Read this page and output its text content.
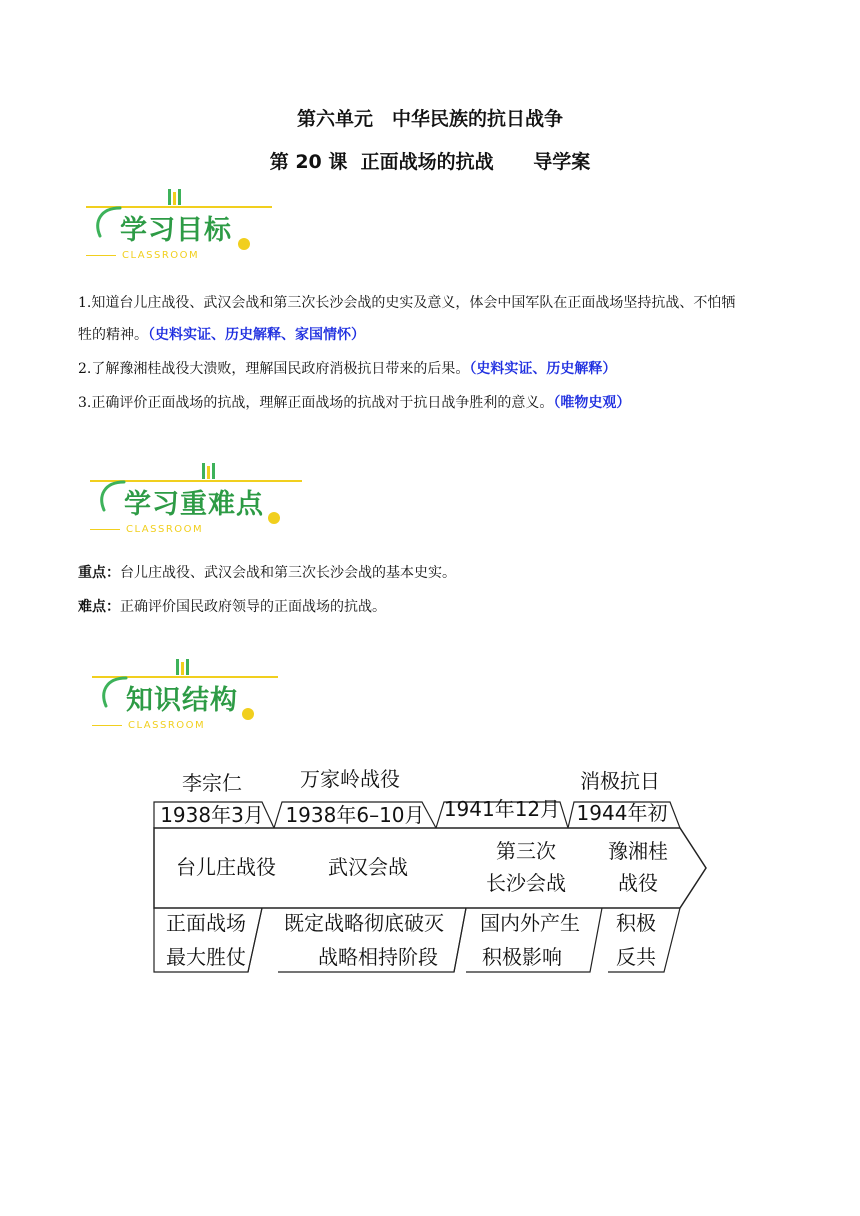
第六单元　中华民族的抗日战争
第 20 课  正面战场的抗战      导学案
学习目标
CLASSROOM
1.知道台儿庄战役、武汉会战和第三次长沙会战的史实及意义，体会中国军队在正面战场坚持抗战、不怕牺
牲的精神。（史料实证、历史解释、家国情怀）
2.了解豫湘桂战役大溃败，理解国民政府消极抗日带来的后果。（史料实证、历史解释）
3.正确评价正面战场的抗战，理解正面战场的抗战对于抗日战争胜利的意义。（唯物史观）
学习重难点
CLASSROOM
重点：台儿庄战役、武汉会战和第三次长沙会战的基本史实。
难点：正确评价国民政府领导的正面战场的抗战。
知识结构
CLASSROOM
李宗仁
1938年3月
万家岭战役
1938年6–10月 1941年12月
消极抗日
1944年初
台儿庄战役	武汉会战
第三次
长沙会战
豫湘桂
战役
正面战场
最大胜仗
既定战略彻底破灭
战略相持阶段
国内外产生
积极影响
积极
反共
